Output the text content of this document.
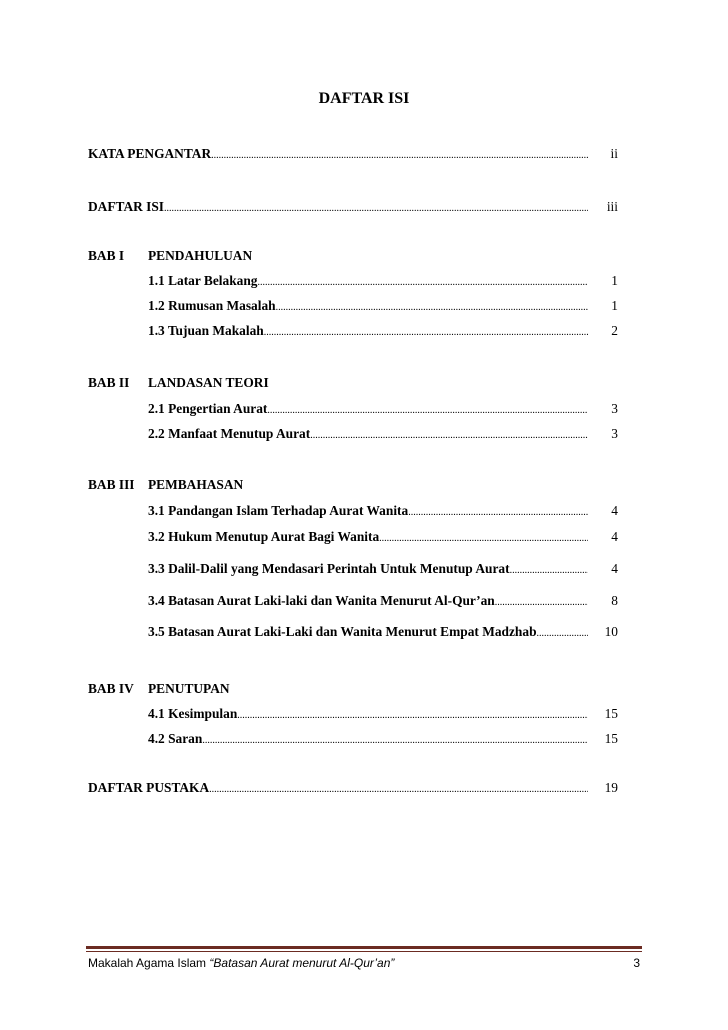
DAFTAR ISI
KATA PENGANTAR .....	ii
DAFTAR ISI .....	iii
BAB I PENDAHULUAN
1.1 Latar Belakang .....	1
1.2 Rumusan Masalah .....	1
1.3 Tujuan Makalah .....	2
BAB II LANDASAN TEORI
2.1 Pengertian Aurat .....	3
2.2 Manfaat Menutup Aurat .....	3
BAB III PEMBAHASAN
3.1 Pandangan Islam Terhadap Aurat Wanita .....	4
3.2 Hukum Menutup Aurat Bagi Wanita .....	4
3.3 Dalil-Dalil yang Mendasari Perintah Untuk Menutup Aurat .....	4
3.4 Batasan Aurat Laki-laki dan Wanita Menurut Al-Qur’an .....	8
3.5 Batasan Aurat Laki-Laki dan Wanita Menurut Empat Madzhab .....	10
BAB IV PENUTUPAN
4.1 Kesimpulan .....	15
4.2 Saran .....	15
DAFTAR PUSTAKA .....	19
Makalah Agama Islam “Batasan Aurat menurut Al-Qur’an”	3
